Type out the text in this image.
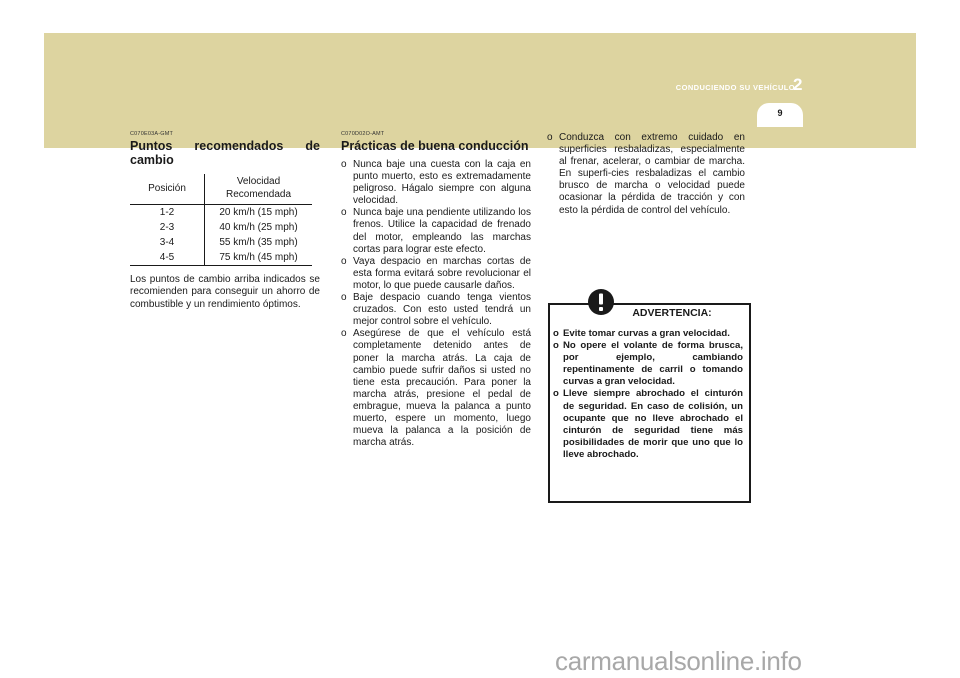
CONDUCIENDO SU VEHÍCULO
2
9
C070E03A-GMT
Puntos recomendados de cambio
Posición	Velocidad Recomendada
1-2	20 km/h (15 mph)
2-3	40 km/h (25 mph)
3-4	55 km/h (35 mph)
4-5	75 km/h (45 mph)
Los puntos de cambio arriba indicados se recomienden para conseguir un ahorro de combustible y un rendimiento óptimos.
C070D02O-AMT
Prácticas de buena conducción
o Nunca baje una cuesta con la caja en punto muerto, esto es extremadamente peligroso. Hágalo siempre con alguna velocidad.
o Nunca baje una pendiente utilizando los frenos. Utilice la capacidad de frenado del motor, empleando las marchas cortas para lograr este efecto.
o Vaya despacio en marchas cortas de esta forma evitará sobre revolucionar el motor, lo que puede causarle daños.
o Baje despacio cuando tenga vientos cruzados. Con esto usted tendrá un mejor control sobre el vehículo.
o Asegúrese de que el vehículo está completamente detenido antes de poner la marcha atrás. La caja de cambio puede sufrir daños si usted no tiene esta precaución. Para poner la marcha atrás, presione el pedal de embrague, mueva la palanca a punto muerto, espere un momento, luego mueva la palanca a la posición de marcha atrás.
o Conduzca con extremo cuidado en superficies resbaladizas, especialmente al frenar, acelerar, o cambiar de marcha. En superfi-cies resbaladizas el cambio brusco de marcha o velocidad puede ocasionar la pérdida de tracción y con esto la pérdida de control del vehículo.
ADVERTENCIA:
o Evite tomar curvas a gran velocidad.
o No opere el volante de forma brusca, por ejemplo, cambiando repentinamente de carril o tomando curvas a gran velocidad.
o Lleve siempre abrochado el cinturón de seguridad. En caso de colisión, un ocupante que no lleve abrochado el cinturón de seguridad tiene más posibilidades de morir que uno que lo lleve abrochado.
carmanualsonline.info
